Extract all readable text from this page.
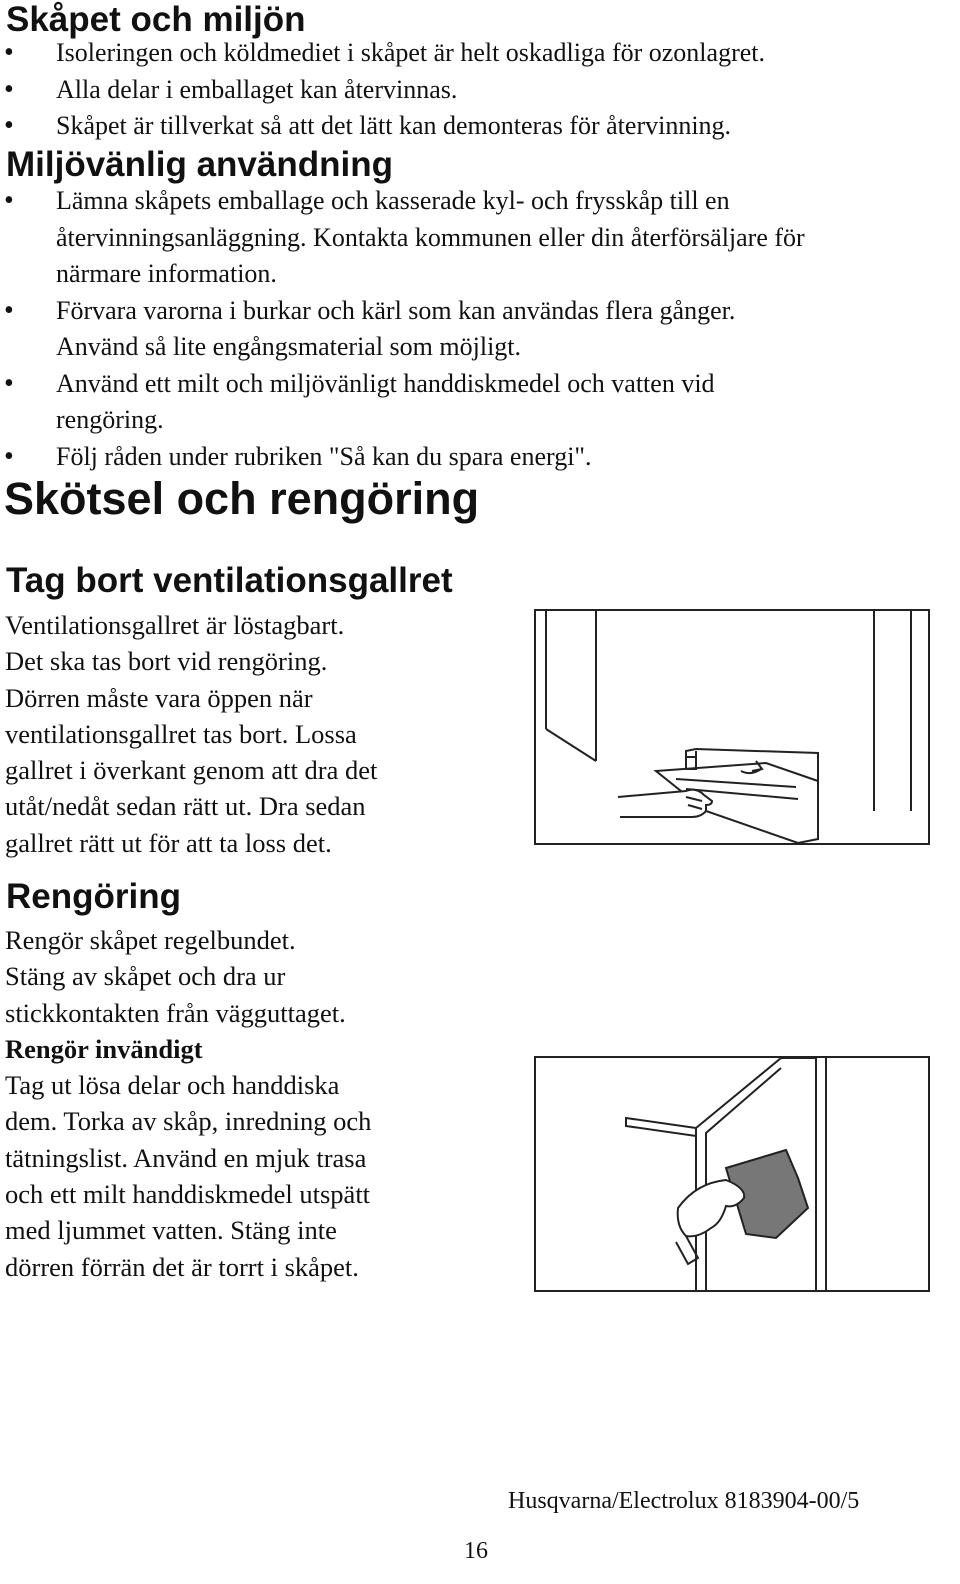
Skåpet och miljön
• Isoleringen och köldmediet i skåpet är helt oskadliga för ozonlagret.
• Alla delar i emballaget kan återvinnas.
• Skåpet är tillverkat så att det lätt kan demonteras för återvinning.
Miljövänlig användning
• Lämna skåpets emballage och kasserade kyl- och frysskåp till en
återvinningsanläggning. Kontakta kommunen eller din återförsäljare för
närmare information.
• Förvara varorna i burkar och kärl som kan användas flera gånger.
Använd så lite engångsmaterial som möjligt.
• Använd ett milt och miljövänligt handdiskmedel och vatten vid
rengöring.
• Följ råden under rubriken "Så kan du spara energi".
Skötsel och rengöring
Tag bort ventilationsgallret

Ventilationsgallret är löstagbart.

Det ska tas bort vid rengöring.

Dörren måste vara öppen när

ventilationsgallret tas bort. Lossa

gallret i överkant genom att dra det

utåt/nedåt sedan rätt ut. Dra sedan

gallret rätt ut för att ta loss det.

Rengöring

Rengör skåpet regelbundet.

Stäng av skåpet och dra ur

stickkontakten från vägguttaget.

Rengör invändigt

Tag ut lösa delar och handdiska

dem. Torka av skåp, inredning och

tätningslist. Använd en mjuk trasa

och ett milt handdiskmedel utspätt

med ljummet vatten. Stäng inte

dörren förrän det är torrt i skåpet.

Husqvarna/Electrolux 8183904-00/5
16
